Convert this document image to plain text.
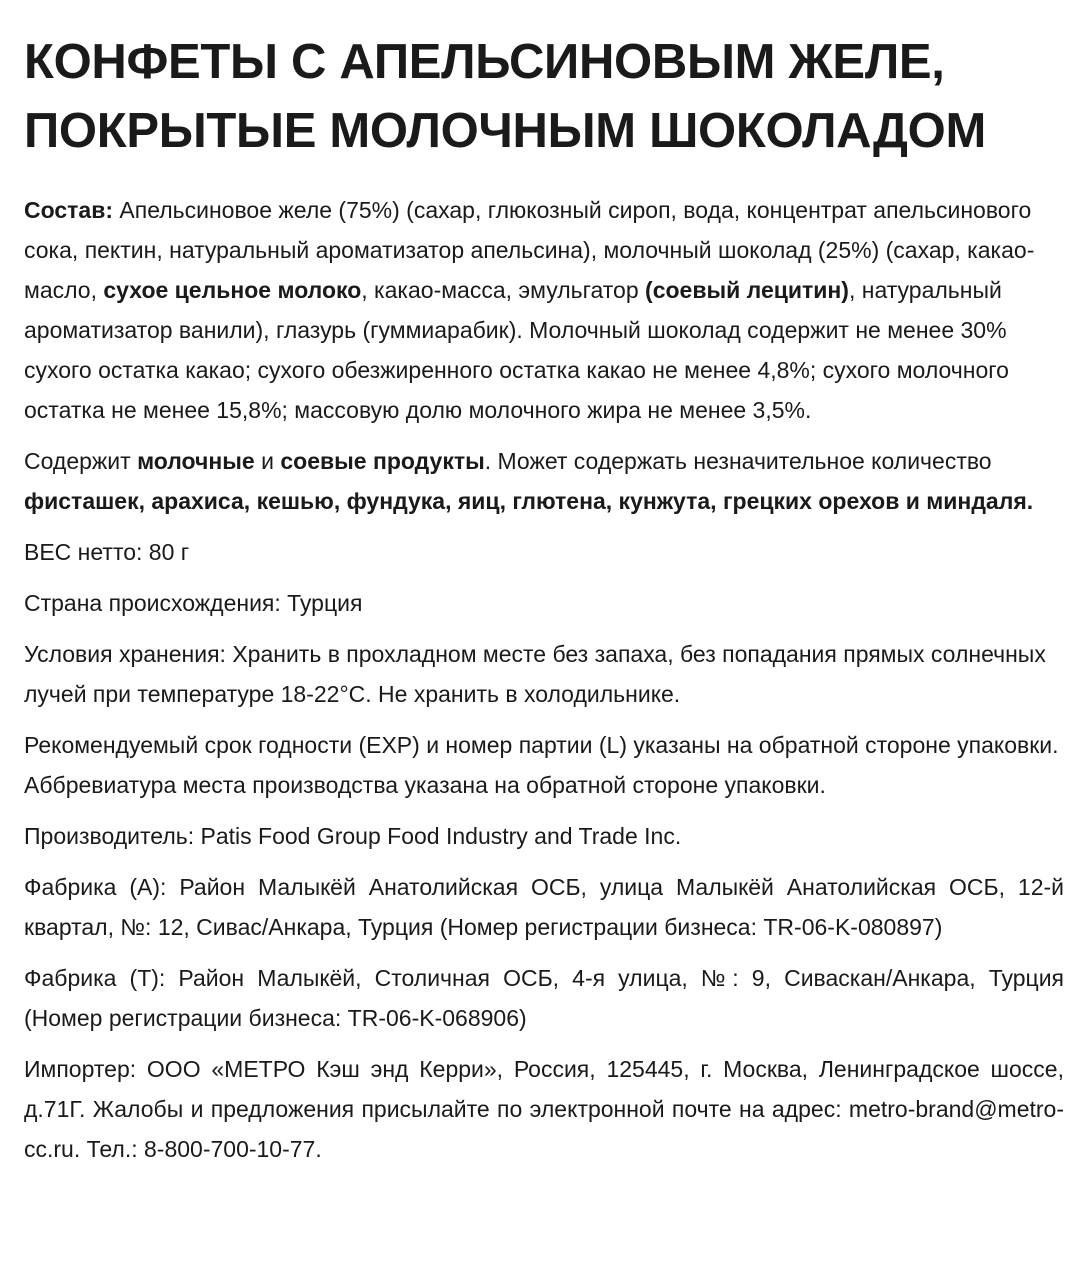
КОНФЕТЫ С АПЕЛЬСИНОВЫМ ЖЕЛЕ, ПОКРЫТЫЕ МОЛОЧНЫМ ШОКОЛАДОМ

Состав: Апельсиновое желе (75%) (сахар, глюкозный сироп, вода, концентрат апельсинового сока, пектин, натуральный ароматизатор апельсина), молочный шоколад (25%) (сахар, какао-масло, сухое цельное молоко, какао-масса, эмульгатор (соевый лецитин), натуральный ароматизатор ванили), глазурь (гуммиарабик). Молочный шоколад содержит не менее 30% сухого остатка какао; сухого обезжиренного остатка какао не менее 4,8%; сухого молочного остатка не менее 15,8%; массовую долю молочного жира не менее 3,5%.

Содержит молочные и соевые продукты. Может содержать незначительное количество фисташек, арахиса, кешью, фундука, яиц, глютена, кунжута, грецких орехов и миндаля.

ВЕС нетто: 80 г

Страна происхождения: Турция

Условия хранения: Хранить в прохладном месте без запаха, без попадания прямых солнечных лучей при температуре 18-22°С. Не хранить в холодильнике.

Рекомендуемый срок годности (EXP) и номер партии (L) указаны на обратной стороне упаковки. Аббревиатура места производства указана на обратной стороне упаковки.

Производитель: Patis Food Group Food Industry and Trade Inc.

Фабрика (А): Район Малыкёй Анатолийская ОСБ, улица Малыкёй Анатолийская ОСБ, 12-й квартал, №: 12, Сивас/Анкара, Турция (Номер регистрации бизнеса: TR-06-K-080897)

Фабрика (Т): Район Малыкёй, Столичная ОСБ, 4-я улица, №: 9, Сиваскан/Анкара, Турция (Номер регистрации бизнеса: TR-06-K-068906)

Импортер: ООО «МЕТРО Кэш энд Керри», Россия, 125445, г. Москва, Ленинградское шоссе, д.71Г. Жалобы и предложения присылайте по электронной почте на адрес: metro-brand@metro-cc.ru. Тел.: 8-800-700-10-77.
